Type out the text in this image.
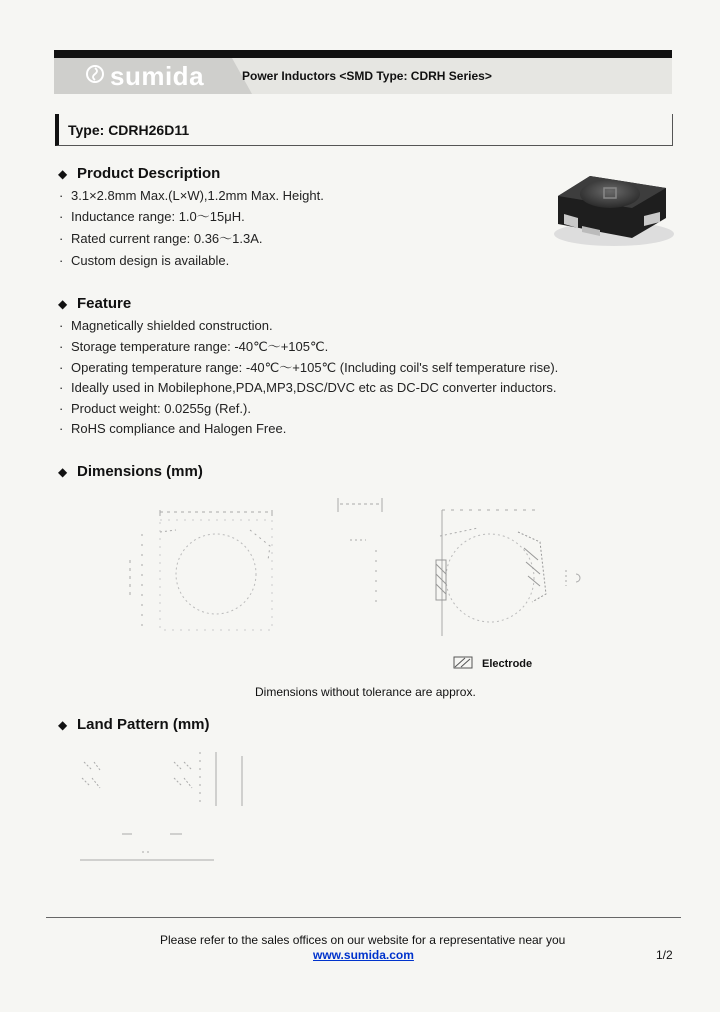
sumida	Power Inductors <SMD Type: CDRH Series>
Type: CDRH26D11
◆ Product Description
· 3.1×2.8mm Max.(L×W),1.2mm Max. Height.
· Inductance range: 1.0～15μH.
· Rated current range: 0.36～1.3A.
· Custom design is available.
◆ Feature
· Magnetically shielded construction.
· Storage temperature range: -40℃～+105℃.
· Operating temperature range: -40℃～+105℃ (Including coil's self temperature rise).
· Ideally used in Mobilephone,PDA,MP3,DSC/DVC etc as DC-DC converter inductors.
· Product weight: 0.0255g (Ref.).
· RoHS compliance and Halogen Free.
◆ Dimensions (mm)
Electrode
Dimensions without tolerance are approx.
◆ Land Pattern (mm)
Please refer to the sales offices on our website for a representative near you
www.sumida.com	1/2
